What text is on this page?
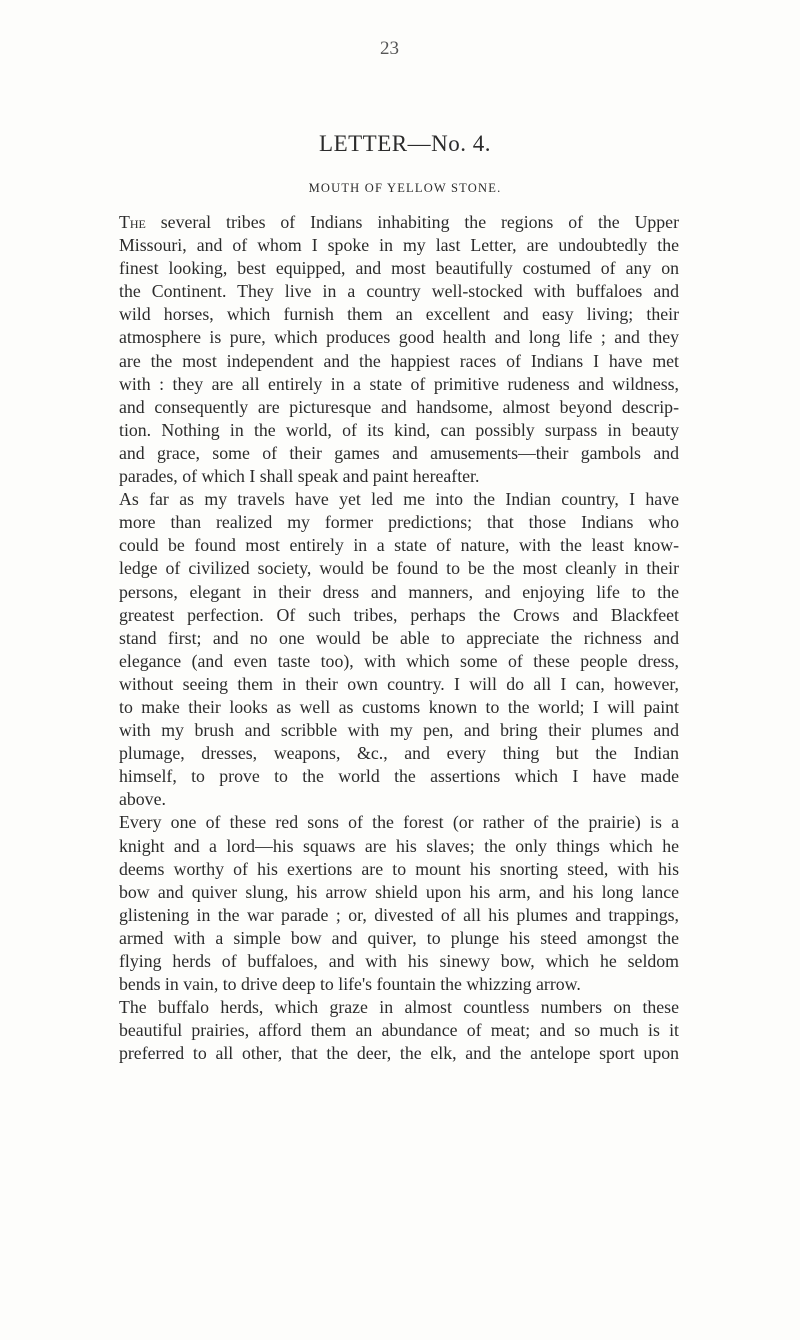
23
LETTER—No. 4.
MOUTH OF YELLOW STONE.

The several tribes of Indians inhabiting the regions of the Upper
Missouri, and of whom I spoke in my last Letter, are undoubtedly the
finest looking, best equipped, and most beautifully costumed of any on
the Continent. They live in a country well-stocked with buffaloes and
wild horses, which furnish them an excellent and easy living; their
atmosphere is pure, which produces good health and long life ; and they
are the most independent and the happiest races of Indians I have met
with : they are all entirely in a state of primitive rudeness and wildness,
and consequently are picturesque and handsome, almost beyond descrip-
tion. Nothing in the world, of its kind, can possibly surpass in beauty
and grace, some of their games and amusements—their gambols and
parades, of which I shall speak and paint hereafter.

As far as my travels have yet led me into the Indian country, I have
more than realized my former predictions; that those Indians who
could be found most entirely in a state of nature, with the least know-
ledge of civilized society, would be found to be the most cleanly in their
persons, elegant in their dress and manners, and enjoying life to the
greatest perfection. Of such tribes, perhaps the Crows and Blackfeet
stand first; and no one would be able to appreciate the richness and
elegance (and even taste too), with which some of these people dress,
without seeing them in their own country. I will do all I can, however,
to make their looks as well as customs known to the world; I will paint
with my brush and scribble with my pen, and bring their plumes and
plumage, dresses, weapons, &c., and every thing but the Indian
himself, to prove to the world the assertions which I have made
above.

Every one of these red sons of the forest (or rather of the prairie) is a
knight and a lord—his squaws are his slaves; the only things which he
deems worthy of his exertions are to mount his snorting steed, with his
bow and quiver slung, his arrow shield upon his arm, and his long lance
glistening in the war parade ; or, divested of all his plumes and trappings,
armed with a simple bow and quiver, to plunge his steed amongst the
flying herds of buffaloes, and with his sinewy bow, which he seldom
bends in vain, to drive deep to life's fountain the whizzing arrow.

The buffalo herds, which graze in almost countless numbers on these
beautiful prairies, afford them an abundance of meat; and so much is it
preferred to all other, that the deer, the elk, and the antelope sport upon
